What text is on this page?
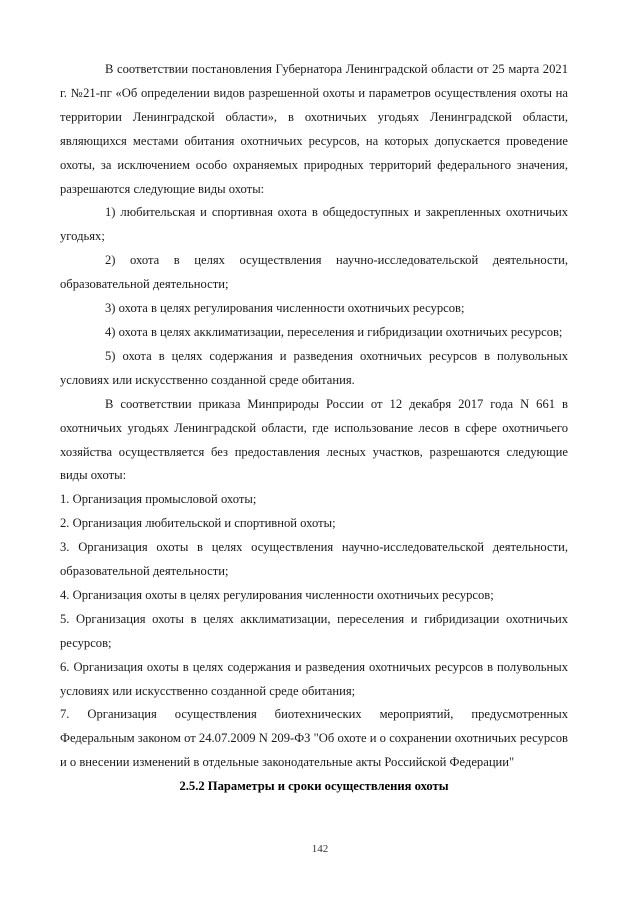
В соответствии постановления Губернатора Ленинградской области от 25 марта 2021 г. №21-пг «Об определении видов разрешенной охоты и параметров осуществления охоты на территории Ленинградской области», в охотничьих угодьях Ленинградской области, являющихся местами обитания охотничьих ресурсов, на которых допускается проведение охоты, за исключением особо охраняемых природных территорий федерального значения, разрешаются следующие виды охоты:

1) любительская и спортивная охота в общедоступных и закрепленных охотничьих угодьях;

2) охота в целях осуществления научно-исследовательской деятельности, образовательной деятельности;

3) охота в целях регулирования численности охотничьих ресурсов;

4) охота в целях акклиматизации, переселения и гибридизации охотничьих ресурсов;

5) охота в целях содержания и разведения охотничьих ресурсов в полувольных условиях или искусственно созданной среде обитания.

В соответствии приказа Минприроды России от 12 декабря 2017 года N 661 в охотничьих угодьях Ленинградской области, где использование лесов в сфере охотничьего хозяйства осуществляется без предоставления лесных участков, разрешаются следующие виды охоты:

1. Организация промысловой охоты;

2. Организация любительской и спортивной охоты;

3. Организация охоты в целях осуществления научно-исследовательской деятельности, образовательной деятельности;

4. Организация охоты в целях регулирования численности охотничьих ресурсов;

5. Организация охоты в целях акклиматизации, переселения и гибридизации охотничьих ресурсов;

6. Организация охоты в целях содержания и разведения охотничьих ресурсов в полувольных условиях или искусственно созданной среде обитания;

7. Организация осуществления биотехнических мероприятий, предусмотренных Федеральным законом от 24.07.2009 N 209-ФЗ "Об охоте и о сохранении охотничьих ресурсов и о внесении изменений в отдельные законодательные акты Российской Федерации"

2.5.2 Параметры и сроки осуществления охоты
142
